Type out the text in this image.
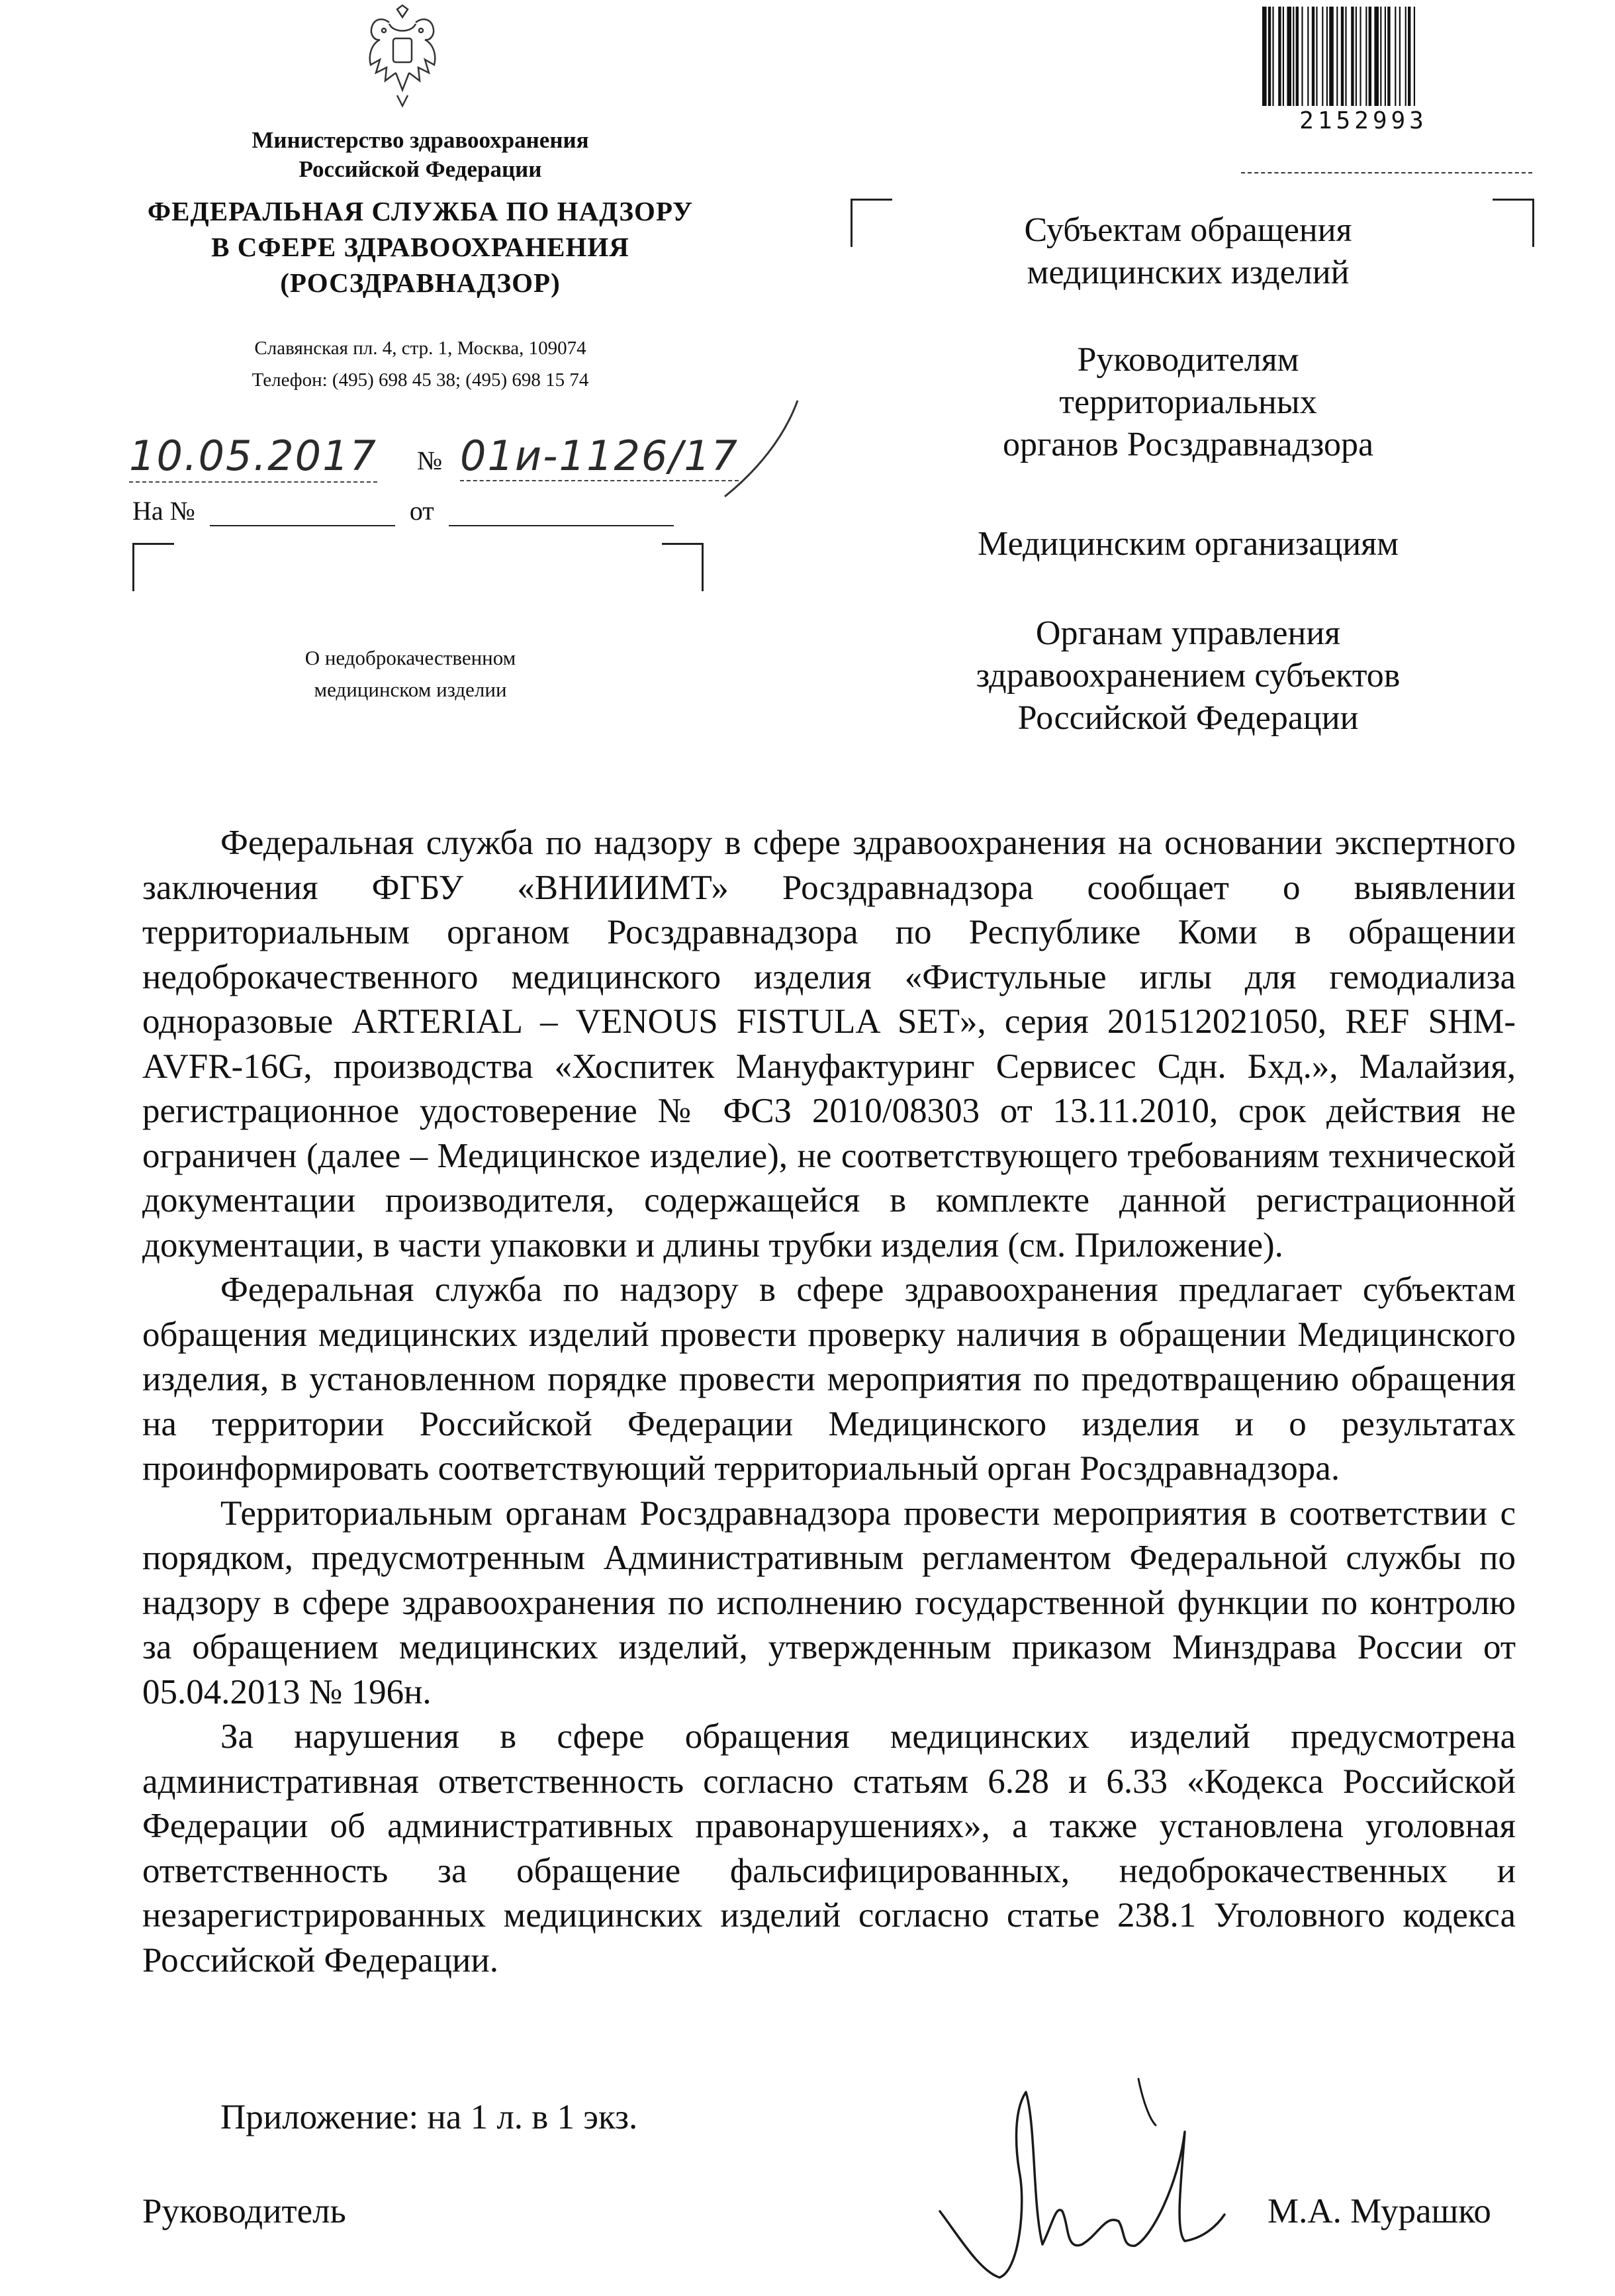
Министерство здравоохранения
Российской Федерации
ФЕДЕРАЛЬНАЯ СЛУЖБА ПО НАДЗОРУ
В СФЕРЕ ЗДРАВООХРАНЕНИЯ
(РОСЗДРАВНАДЗОР)
Славянская пл. 4, стр. 1, Москва, 109074
Телефон: (495) 698 45 38; (495) 698 15 74
10.05.2017 № 01и-1126/17
На №	от
О недоброкачественном
медицинском изделии
2152993
Субъектам обращения
медицинских изделий
Руководителям
территориальных
органов Росздравнадзора
Медицинским организациям
Органам управления
здравоохранением субъектов
Российской Федерации

Федеральная служба по надзору в сфере здравоохранения на основании экспертного заключения ФГБУ «ВНИИИМТ» Росздравнадзора сообщает о выявлении территориальным органом Росздравнадзора по Республике Коми в обращении недоброкачественного медицинского изделия «Фистульные иглы для гемодиализа одноразовые ARTERIAL – VENOUS FISTULA SET», серия 201512021050, REF SHM-AVFR-16G, производства «Хоспитек Мануфактуринг Сервисес Сдн. Бхд.», Малайзия, регистрационное удостоверение № ФСЗ 2010/08303 от 13.11.2010, срок действия не ограничен (далее – Медицинское изделие), не соответствующего требованиям технической документации производителя, содержащейся в комплекте данной регистрационной документации, в части упаковки и длины трубки изделия (см. Приложение).

Федеральная служба по надзору в сфере здравоохранения предлагает субъектам обращения медицинских изделий провести проверку наличия в обращении Медицинского изделия, в установленном порядке провести мероприятия по предотвращению обращения на территории Российской Федерации Медицинского изделия и о результатах проинформировать соответствующий территориальный орган Росздравнадзора.

Территориальным органам Росздравнадзора провести мероприятия в соответствии с порядком, предусмотренным Административным регламентом Федеральной службы по надзору в сфере здравоохранения по исполнению государственной функции по контролю за обращением медицинских изделий, утвержденным приказом Минздрава России от 05.04.2013 № 196н.

За нарушения в сфере обращения медицинских изделий предусмотрена административная ответственность согласно статьям 6.28 и 6.33 «Кодекса Российской Федерации об административных правонарушениях», а также установлена уголовная ответственность за обращение фальсифицированных, недоброкачественных и незарегистрированных медицинских изделий согласно статье 238.1 Уголовного кодекса Российской Федерации.

Приложение: на 1 л. в 1 экз.
Руководитель	М.А. Мурашко
